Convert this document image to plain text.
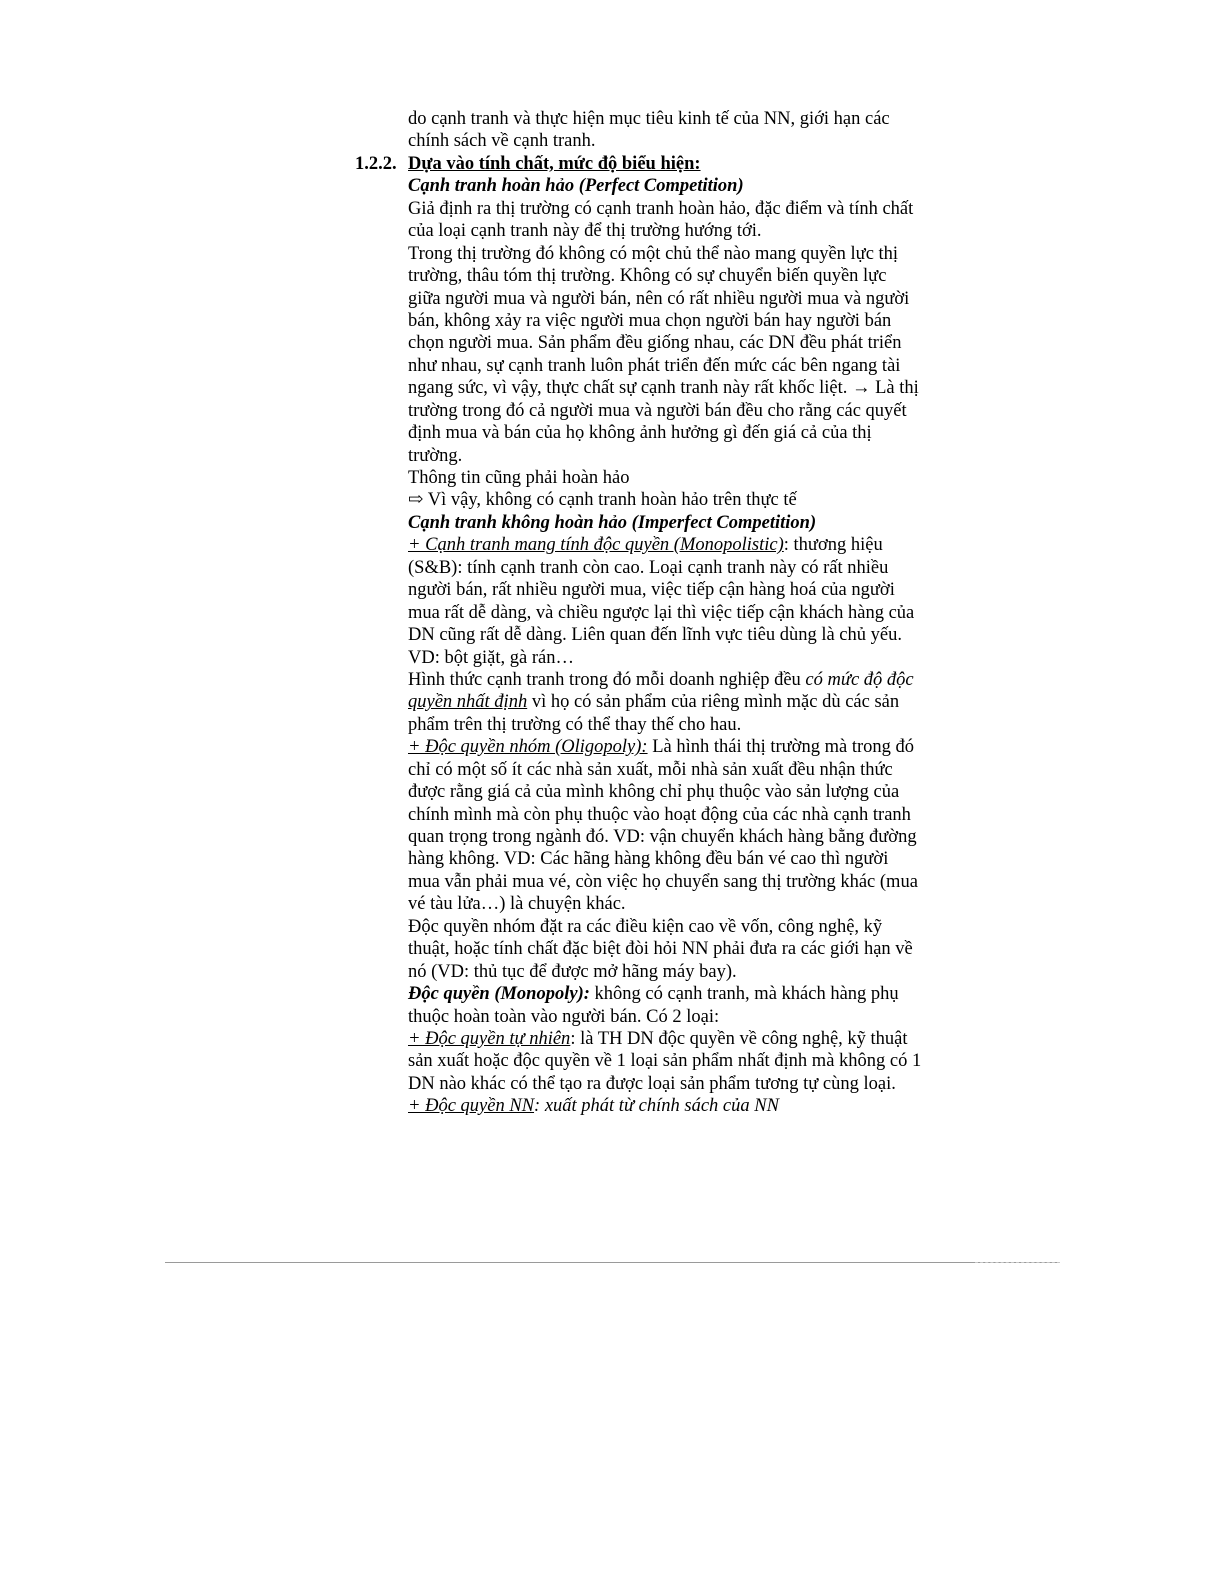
1.2.2.
do cạnh tranh và thực hiện mục tiêu kinh tế của NN, giới hạn các
chính sách về cạnh tranh.
Dựa vào tính chất, mức độ biểu hiện:
Cạnh tranh hoàn hảo (Perfect Competition)
Giả định ra thị trường có cạnh tranh hoàn hảo, đặc điểm và tính chất
của loại cạnh tranh này để thị trường hướng tới.
Trong thị trường đó không có một chủ thể nào mang quyền lực thị
trường, thâu tóm thị trường. Không có sự chuyển biến quyền lực
giữa người mua và người bán, nên có rất nhiều người mua và người
bán, không xảy ra việc người mua chọn người bán hay người bán
chọn người mua. Sản phẩm đều giống nhau, các DN đều phát triển
như nhau, sự cạnh tranh luôn phát triển đến mức các bên ngang tài
ngang sức, vì vậy, thực chất sự cạnh tranh này rất khốc liệt. → Là thị
trường trong đó cả người mua và người bán đều cho rằng các quyết
định mua và bán của họ không ảnh hưởng gì đến giá cả của thị
trường.
Thông tin cũng phải hoàn hảo
⇨ Vì vậy, không có cạnh tranh hoàn hảo trên thực tế
Cạnh tranh không hoàn hảo (Imperfect Competition)
+ Cạnh tranh mang tính độc quyền (Monopolistic): thương hiệu
(S&B): tính cạnh tranh còn cao. Loại cạnh tranh này có rất nhiều
người bán, rất nhiều người mua, việc tiếp cận hàng hoá của người
mua rất dễ dàng, và chiều ngược lại thì việc tiếp cận khách hàng của
DN cũng rất dễ dàng. Liên quan đến lĩnh vực tiêu dùng là chủ yếu.
VD: bột giặt, gà rán…
Hình thức cạnh tranh trong đó mỗi doanh nghiệp đều có mức độ độc
quyền nhất định vì họ có sản phẩm của riêng mình mặc dù các sản
phẩm trên thị trường có thể thay thế cho hau.
+ Độc quyền nhóm (Oligopoly): Là hình thái thị trường mà trong đó
chỉ có một số ít các nhà sản xuất, mỗi nhà sản xuất đều nhận thức
được rằng giá cả của mình không chỉ phụ thuộc vào sản lượng của
chính mình mà còn phụ thuộc vào hoạt động của các nhà cạnh tranh
quan trọng trong ngành đó. VD: vận chuyển khách hàng bằng đường
hàng không. VD: Các hãng hàng không đều bán vé cao thì người
mua vẫn phải mua vé, còn việc họ chuyển sang thị trường khác (mua
vé tàu lửa…) là chuyện khác.
Độc quyền nhóm đặt ra các điều kiện cao về vốn, công nghệ, kỹ
thuật, hoặc tính chất đặc biệt đòi hỏi NN phải đưa ra các giới hạn về
nó (VD: thủ tục để được mở hãng máy bay).
Độc quyền (Monopoly): không có cạnh tranh, mà khách hàng phụ
thuộc hoàn toàn vào người bán. Có 2 loại:
+ Độc quyền tự nhiên: là TH DN độc quyền về công nghệ, kỹ thuật
sản xuất hoặc độc quyền về 1 loại sản phẩm nhất định mà không có 1
DN nào khác có thể tạo ra được loại sản phẩm tương tự cùng loại.
+ Độc quyền NN: xuất phát từ chính sách của NN
